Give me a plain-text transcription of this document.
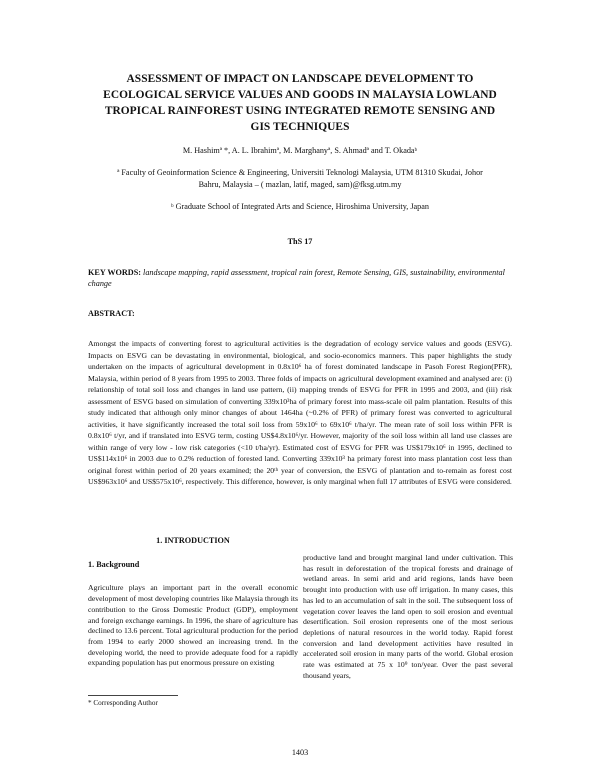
ASSESSMENT OF IMPACT ON LANDSCAPE DEVELOPMENT TO ECOLOGICAL SERVICE VALUES AND GOODS IN MALAYSIA LOWLAND TROPICAL RAINFOREST USING INTEGRATED REMOTE SENSING AND GIS TECHNIQUES
M. Hashimª *, A. L. Ibrahimª, M. Marghanyª, S. Ahmadª and T. Okadaᵇ
ª Faculty of Geoinformation Science & Engineering, Universiti Teknologi Malaysia, UTM 81310 Skudai, Johor Bahru, Malaysia – ( mazlan, latif, maged, sam)@fksg.utm.my
ᵇ Graduate School of Integrated Arts and Science, Hiroshima University, Japan
ThS 17
KEY WORDS: landscape mapping, rapid assessment, tropical rain forest, Remote Sensing, GIS, sustainability, environmental change
ABSTRACT:
Amongst the impacts of converting forest to agricultural activities is the degradation of ecology service values and goods (ESVG). Impacts on ESVG can be devastating in environmental, biological, and socio-economics manners. This paper highlights the study undertaken on the impacts of agricultural development in 0.8x10⁶ ha of forest dominated landscape in Pasoh Forest Region(PFR), Malaysia, within period of 8 years from 1995 to 2003. Three folds of impacts on agricultural development examined and analysed are: (i) relationship of total soil loss and changes in land use pattern, (ii) mapping trends of ESVG for PFR in 1995 and 2003, and (iii) risk assessment of ESVG based on simulation of converting 339x10³ha of primary forest into mass-scale oil palm plantation. Results of this study indicated that although only minor changes of about 1464ha (~0.2% of PFR) of primary forest was converted to agricultural activities, it have significantly increased the total soil loss from 59x10⁶ to 69x10⁶ t/ha/yr. The mean rate of soil loss within PFR is 0.8x10⁶ t/yr, and if translated into ESVG term, costing US$4.8x10⁶/yr. However, majority of the soil loss within all land use classes are within range of very low - low risk categories (<10 t/ha/yr). Estimated cost of ESVG for PFR was US$179x10⁶ in 1995, declined to US$114x10⁶ in 2003 due to 0.2% reduction of forested land. Converting 339x10³ ha primary forest into mass plantation cost less than original forest within period of 20 years examined; the 20ᵗʰ year of conversion, the ESVG of plantation and to-remain as forest cost US$963x10⁶ and US$575x10⁶, respectively. This difference, however, is only marginal when full 17 attributes of ESVG were considered.
1. INTRODUCTION
1. Background
Agriculture plays an important part in the overall economic development of most developing countries like Malaysia through its contribution to the Gross Domestic Product (GDP), employment and foreign exchange earnings. In 1996, the share of agriculture has declined to 13.6 percent. Total agricultural production for the period from 1994 to early 2000 showed an increasing trend. In the developing world, the need to provide adequate food for a rapidly expanding population has put enormous pressure on existing
productive land and brought marginal land under cultivation. This has result in deforestation of the tropical forests and drainage of wetland areas. In semi arid and arid regions, lands have been brought into production with use off irrigation. In many cases, this has led to an accumulation of salt in the soil. The subsequent loss of vegetation cover leaves the land open to soil erosion and eventual desertification. Soil erosion represents one of the most serious depletions of natural resources in the world today. Rapid forest conversion and land development activities have resulted in accelerated soil erosion in many parts of the world. Global erosion rate was estimated at 75 x 10⁹ ton/year. Over the past several thousand years,
* Corresponding Author
1403
